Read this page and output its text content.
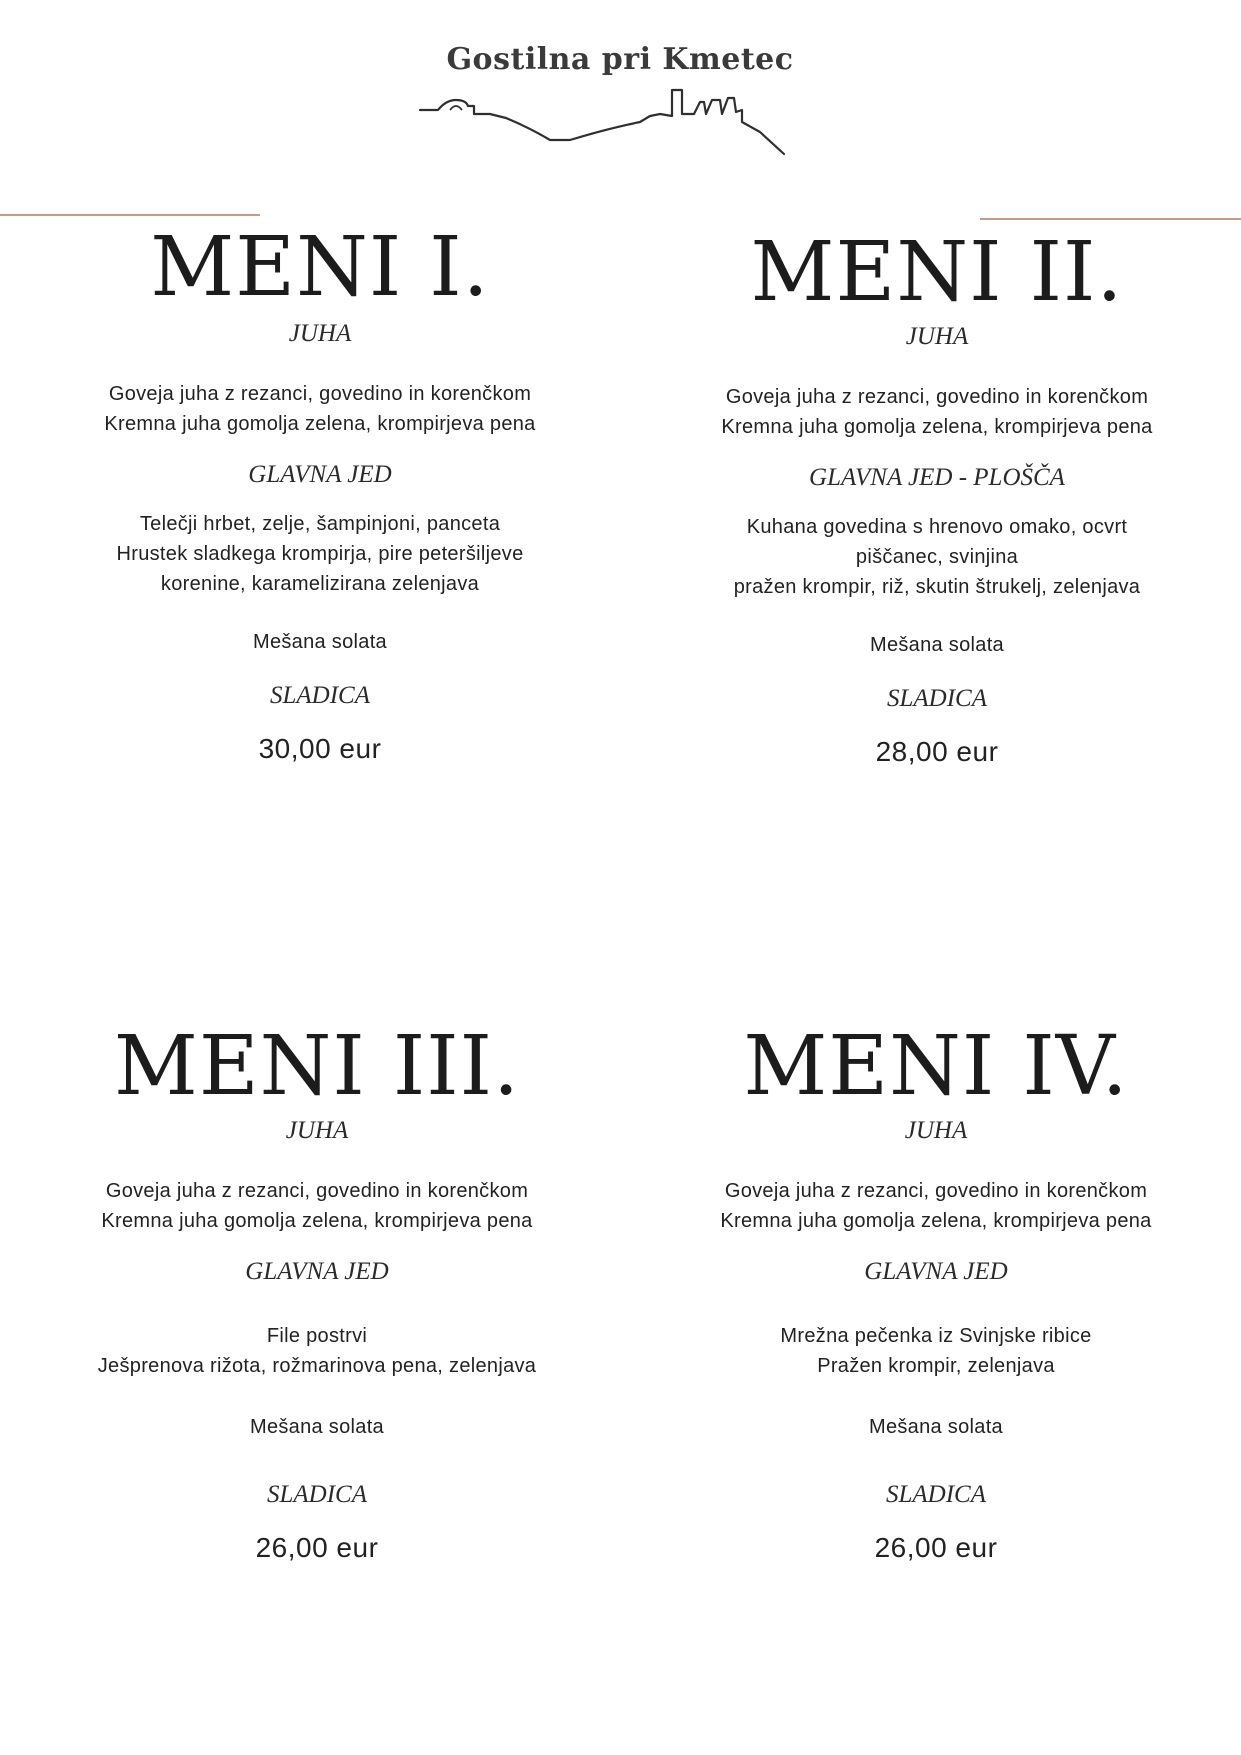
Gostilna pri Kmetec
MENI I.
JUHA
Goveja juha z rezanci, govedino in korenčkom
Kremna juha gomolja zelena, krompirjeva pena
GLAVNA JED
Telečji hrbet, zelje, šampinjoni, panceta
Hrustek sladkega krompirja, pire peteršiljeve
korenine, karamelizirana zelenjava
Mešana solata
SLADICA
30,00 eur
MENI II.
JUHA
Goveja juha z rezanci, govedino in korenčkom
Kremna juha gomolja zelena, krompirjeva pena
GLAVNA JED - PLOŠČA
Kuhana govedina s hrenovo omako, ocvrt
piščanec, svinjina
pražen krompir, riž, skutin štrukelj, zelenjava
Mešana solata
SLADICA
28,00 eur
MENI III.
JUHA
Goveja juha z rezanci, govedino in korenčkom
Kremna juha gomolja zelena, krompirjeva pena
GLAVNA JED
File postrvi
Ješprenova rižota, rožmarinova pena, zelenjava
Mešana solata
SLADICA
26,00 eur
MENI IV.
JUHA
Goveja juha z rezanci, govedino in korenčkom
Kremna juha gomolja zelena, krompirjeva pena
GLAVNA JED
Mrežna pečenka iz Svinjske ribice
Pražen krompir, zelenjava
Mešana solata
SLADICA
26,00 eur
